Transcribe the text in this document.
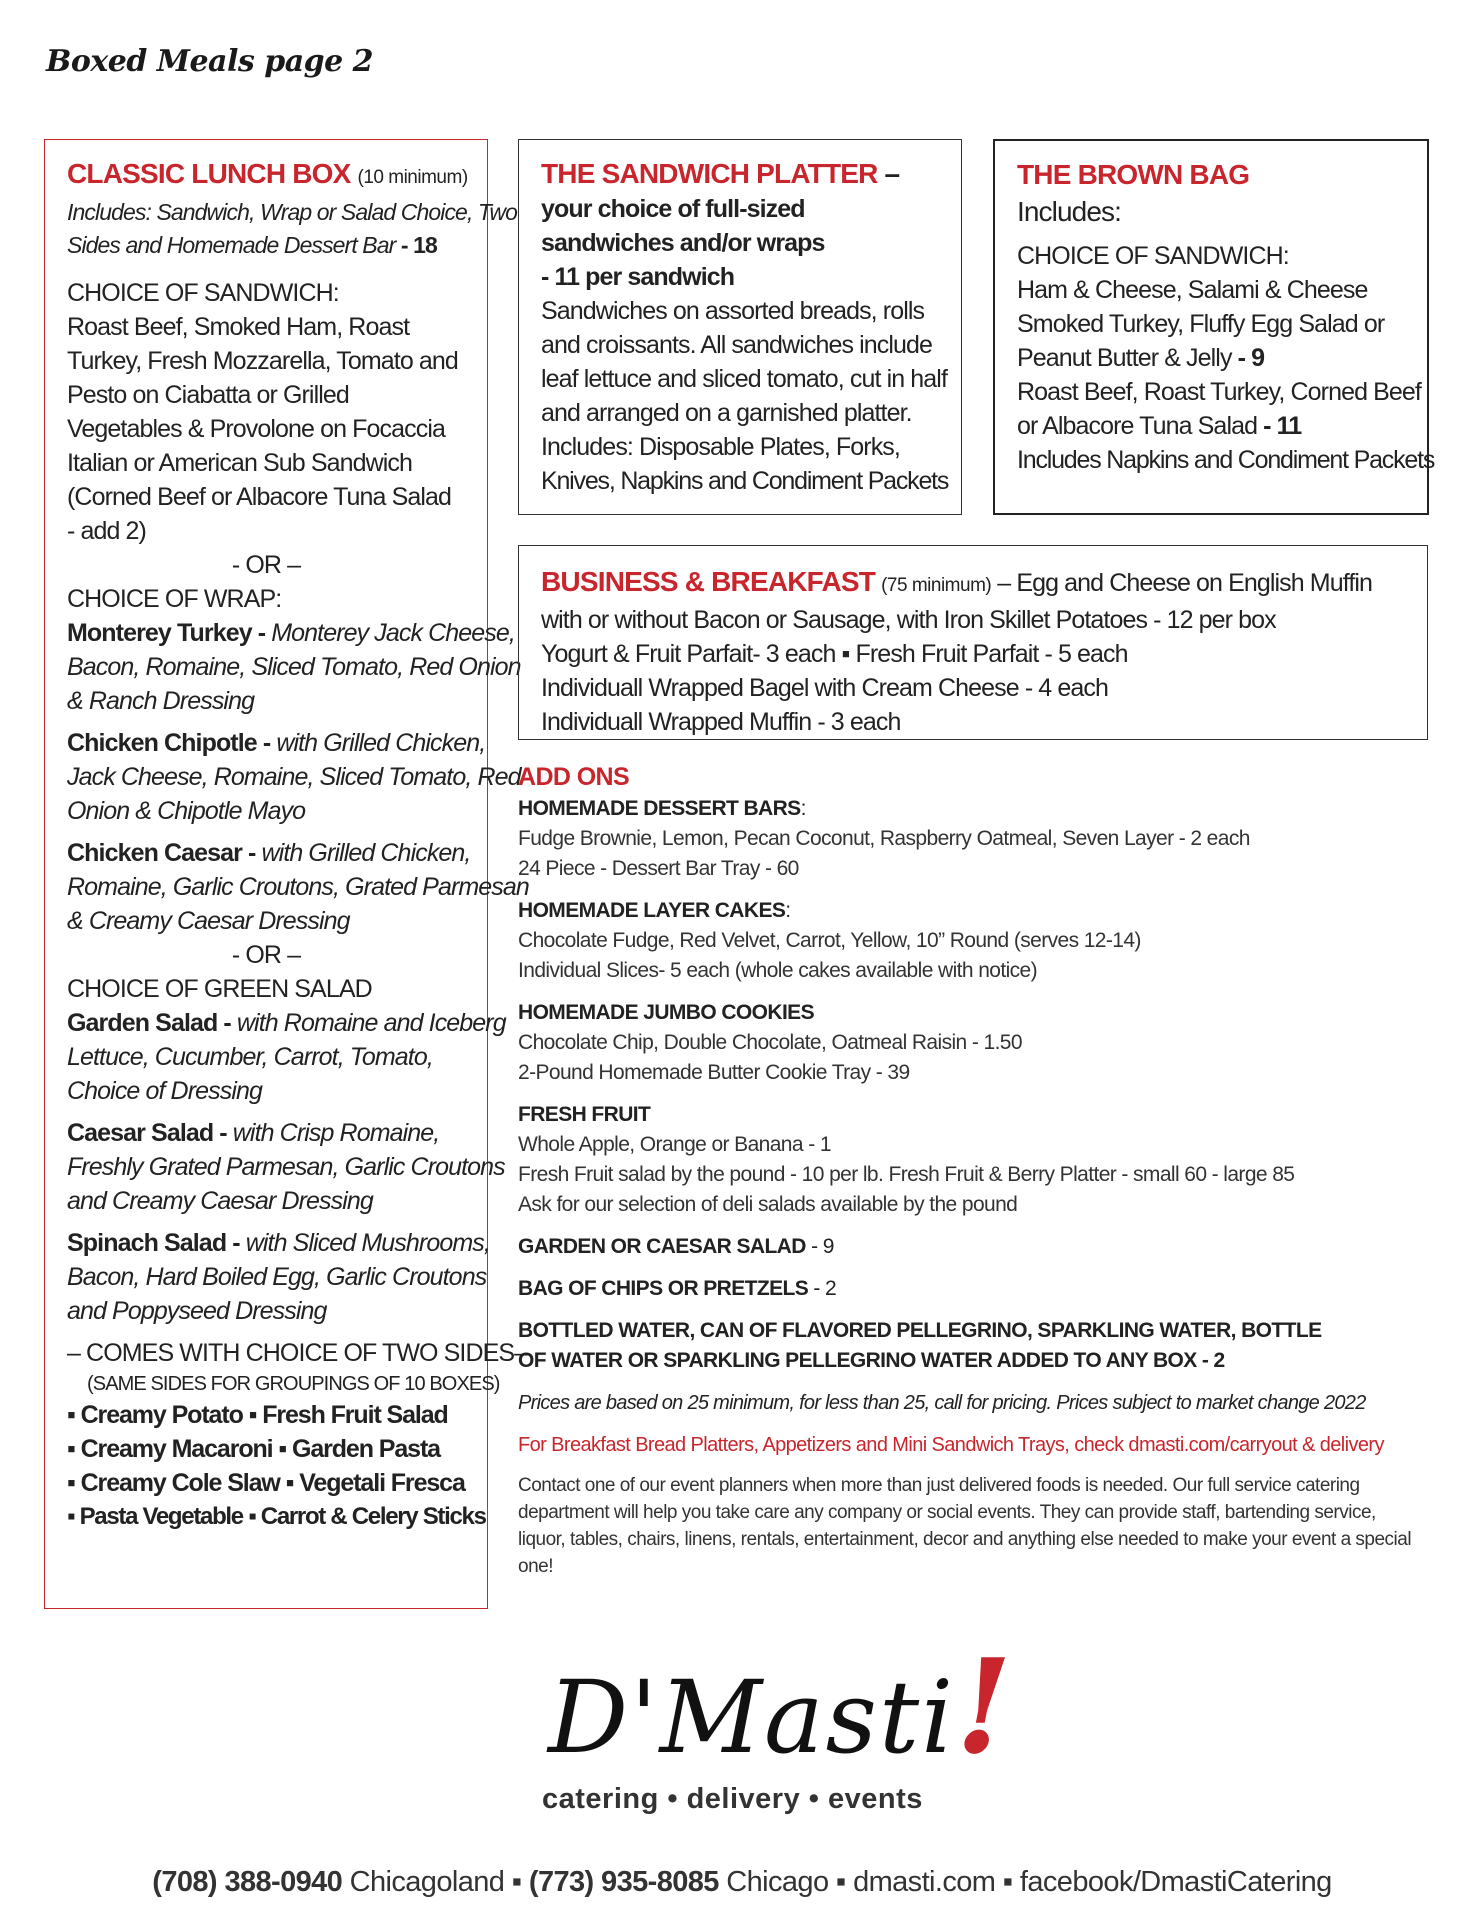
Boxed Meals page 2
CLASSIC LUNCH BOX (10 minimum)
Includes: Sandwich, Wrap or Salad Choice, Two
Sides and Homemade Dessert Bar - 18
CHOICE OF SANDWICH:
Roast Beef, Smoked Ham, Roast
Turkey, Fresh Mozzarella, Tomato and
Pesto on Ciabatta or Grilled
Vegetables & Provolone on Focaccia
Italian or American Sub Sandwich
(Corned Beef or Albacore Tuna Salad
- add 2)
- OR –
CHOICE OF WRAP:
Monterey Turkey - Monterey Jack Cheese,
Bacon, Romaine, Sliced Tomato, Red Onion
& Ranch Dressing
Chicken Chipotle - with Grilled Chicken,
Jack Cheese, Romaine, Sliced Tomato, Red
Onion & Chipotle Mayo
Chicken Caesar - with Grilled Chicken,
Romaine, Garlic Croutons, Grated Parmesan
& Creamy Caesar Dressing
- OR –
CHOICE OF GREEN SALAD
Garden Salad - with Romaine and Iceberg
Lettuce, Cucumber, Carrot, Tomato,
Choice of Dressing
Caesar Salad - with Crisp Romaine,
Freshly Grated Parmesan, Garlic Croutons
and Creamy Caesar Dressing
Spinach Salad - with Sliced Mushrooms,
Bacon, Hard Boiled Egg, Garlic Croutons
and Poppyseed Dressing
– COMES WITH CHOICE OF TWO SIDES–
(SAME SIDES FOR GROUPINGS OF 10 BOXES)
▪ Creamy Potato ▪ Fresh Fruit Salad
▪ Creamy Macaroni ▪ Garden Pasta
▪ Creamy Cole Slaw ▪ Vegetali Fresca
▪ Pasta Vegetable ▪ Carrot & Celery Sticks
THE SANDWICH PLATTER –
your choice of full-sized
sandwiches and/or wraps
- 11 per sandwich
Sandwiches on assorted breads, rolls
and croissants. All sandwiches include
leaf lettuce and sliced tomato, cut in half
and arranged on a garnished platter.
Includes: Disposable Plates, Forks,
Knives, Napkins and Condiment Packets
THE BROWN BAG
Includes:
CHOICE OF SANDWICH:
Ham & Cheese, Salami & Cheese
Smoked Turkey, Fluffy Egg Salad or
Peanut Butter & Jelly - 9
Roast Beef, Roast Turkey, Corned Beef
or Albacore Tuna Salad - 11
Includes Napkins and Condiment Packets
BUSINESS & BREAKFAST (75 minimum) – Egg and Cheese on English Muffin
with or without Bacon or Sausage, with Iron Skillet Potatoes - 12 per box
Yogurt & Fruit Parfait- 3 each ▪ Fresh Fruit Parfait - 5 each
Individuall Wrapped Bagel with Cream Cheese - 4 each
Individuall Wrapped Muffin - 3 each
ADD ONS
HOMEMADE DESSERT BARS:
Fudge Brownie, Lemon, Pecan Coconut, Raspberry Oatmeal, Seven Layer - 2 each
24 Piece - Dessert Bar Tray - 60
HOMEMADE LAYER CAKES:
Chocolate Fudge, Red Velvet, Carrot, Yellow, 10” Round (serves 12-14)
Individual Slices- 5 each (whole cakes available with notice)
HOMEMADE JUMBO COOKIES
Chocolate Chip, Double Chocolate, Oatmeal Raisin - 1.50
2-Pound Homemade Butter Cookie Tray - 39
FRESH FRUIT
Whole Apple, Orange or Banana - 1
Fresh Fruit salad by the pound - 10 per lb. Fresh Fruit & Berry Platter - small 60 - large 85
Ask for our selection of deli salads available by the pound
GARDEN OR CAESAR SALAD - 9
BAG OF CHIPS OR PRETZELS - 2
BOTTLED WATER, CAN OF FLAVORED PELLEGRINO, SPARKLING WATER, BOTTLE
OF WATER OR SPARKLING PELLEGRINO WATER ADDED TO ANY BOX - 2
Prices are based on 25 minimum, for less than 25, call for pricing. Prices subject to market change 2022
For Breakfast Bread Platters, Appetizers and Mini Sandwich Trays, check dmasti.com/carryout & delivery
Contact one of our event planners when more than just delivered foods is needed. Our full service catering department will help you take care any company or social events. They can provide staff, bartending service, liquor, tables, chairs, linens, rentals, entertainment, decor and anything else needed to make your event a special one!
D'Masti!
catering • delivery • events
(708) 388-0940 Chicagoland ▪ (773) 935-8085 Chicago ▪ dmasti.com ▪ facebook/DmastiCatering
